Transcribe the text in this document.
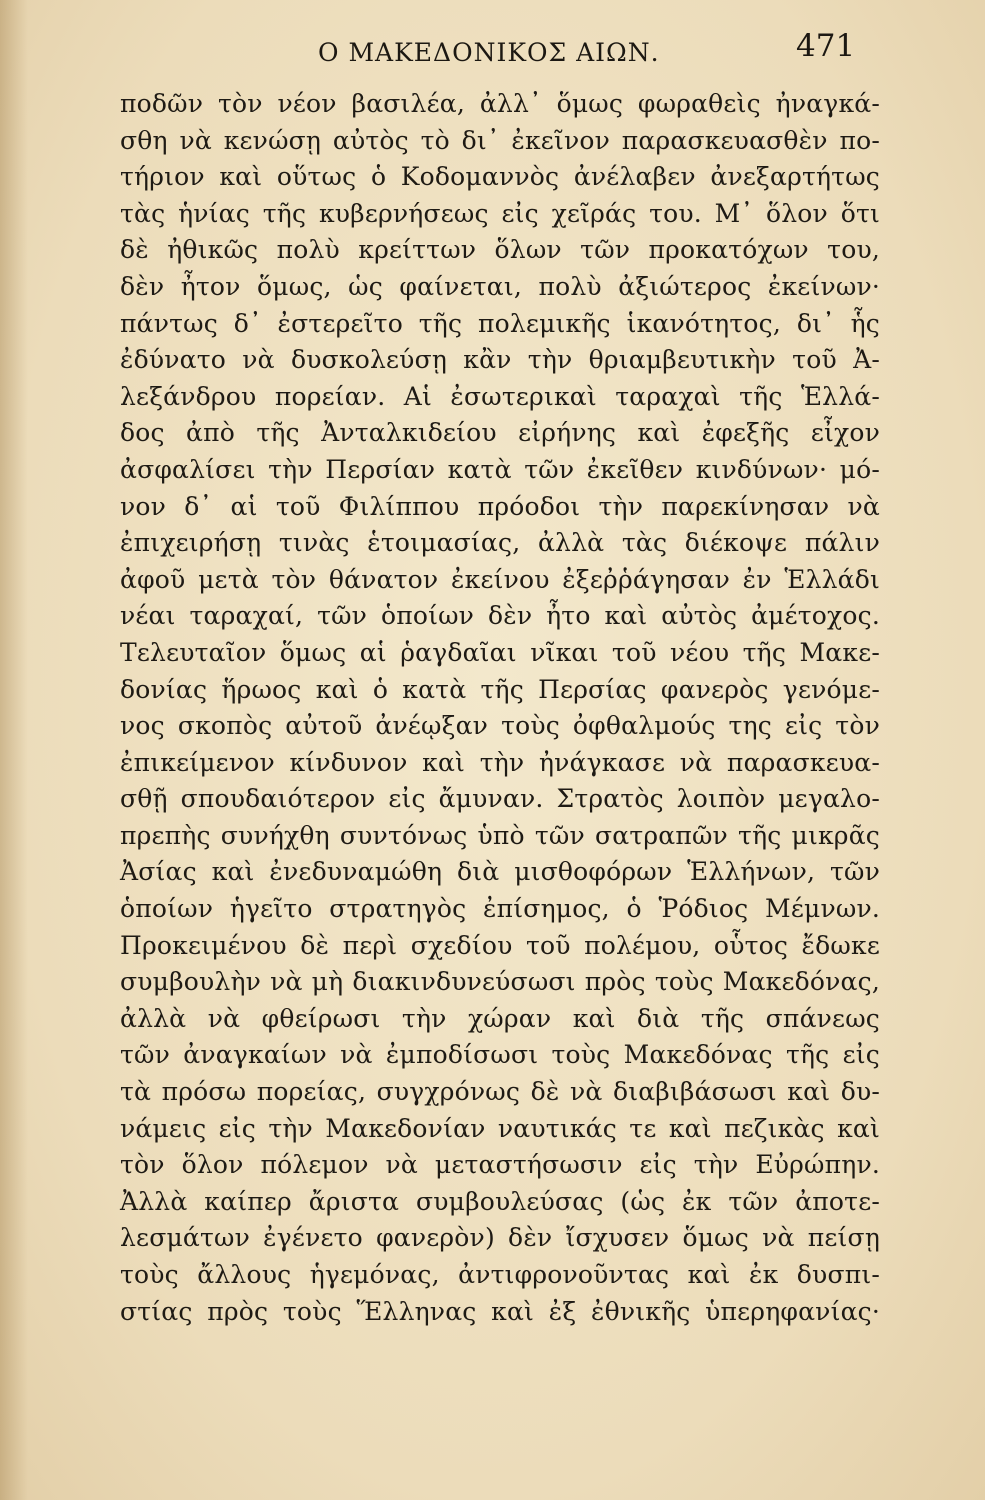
Ο ΜΑΚΕΔΟΝΙΚΟΣ ΑΙΩΝ.	471
ποδῶν τὸν νέον βασιλέα, ἀλλ᾽ ὅμως φωραθεὶς ἠναγκά-
σθη νὰ κενώσῃ αὐτὸς τὸ δι᾽ ἐκεῖνον παρασκευασθὲν πο-
τήριον καὶ οὕτως ὁ Κοδομαννὸς ἀνέλαβεν ἀνεξαρτήτως
τὰς ἡνίας τῆς κυβερνήσεως εἰς χεῖράς του. Μ᾽ ὅλον ὅτι
δὲ ἠθικῶς πολὺ κρείττων ὅλων τῶν προκατόχων του,
δὲν ἦτον ὅμως, ὡς φαίνεται, πολὺ ἀξιώτερος ἐκείνων·
πάντως δ᾽ ἐστερεῖτο τῆς πολεμικῆς ἱκανότητος, δι᾽ ἧς
ἐδύνατο νὰ δυσκολεύσῃ κἂν τὴν θριαμβευτικὴν τοῦ Ἀ-
λεξάνδρου πορείαν. Αἱ ἐσωτερικαὶ ταραχαὶ τῆς Ἑλλά-
δος ἀπὸ τῆς Ἀνταλκιδείου εἰρήνης καὶ ἐφεξῆς εἶχον
ἀσφαλίσει τὴν Περσίαν κατὰ τῶν ἐκεῖθεν κινδύνων· μό-
νον δ᾽ αἱ τοῦ Φιλίππου πρόοδοι τὴν παρεκίνησαν νὰ
ἐπιχειρήσῃ τινὰς ἑτοιμασίας, ἀλλὰ τὰς διέκοψε πάλιν
ἀφοῦ μετὰ τὸν θάνατον ἐκείνου ἐξεῤῥάγησαν ἐν Ἑλλάδι
νέαι ταραχαί, τῶν ὁποίων δὲν ἦτο καὶ αὐτὸς ἀμέτοχος.
Τελευταῖον ὅμως αἱ ῥαγδαῖαι νῖκαι τοῦ νέου τῆς Μακε-
δονίας ἥρωος καὶ ὁ κατὰ τῆς Περσίας φανερὸς γενόμε-
νος σκοπὸς αὐτοῦ ἀνέῳξαν τοὺς ὀφθαλμούς της εἰς τὸν
ἐπικείμενον κίνδυνον καὶ τὴν ἠνάγκασε νὰ παρασκευα-
σθῇ σπουδαιότερον εἰς ἄμυναν. Στρατὸς λοιπὸν μεγαλο-
πρεπὴς συνήχθη συντόνως ὑπὸ τῶν σατραπῶν τῆς μικρᾶς
Ἀσίας καὶ ἐνεδυναμώθη διὰ μισθοφόρων Ἑλλήνων, τῶν
ὁποίων ἡγεῖτο στρατηγὸς ἐπίσημος, ὁ Ῥόδιος Μέμνων.
Προκειμένου δὲ περὶ σχεδίου τοῦ πολέμου, οὗτος ἔδωκε
συμβουλὴν νὰ μὴ διακινδυνεύσωσι πρὸς τοὺς Μακεδόνας,
ἀλλὰ νὰ φθείρωσι τὴν χώραν καὶ διὰ τῆς σπάνεως
τῶν ἀναγκαίων νὰ ἐμποδίσωσι τοὺς Μακεδόνας τῆς εἰς
τὰ πρόσω πορείας, συγχρόνως δὲ νὰ διαβιβάσωσι καὶ δυ-
νάμεις εἰς τὴν Μακεδονίαν ναυτικάς τε καὶ πεζικὰς καὶ
τὸν ὅλον πόλεμον νὰ μεταστήσωσιν εἰς τὴν Εὐρώπην.
Ἀλλὰ καίπερ ἄριστα συμβουλεύσας (ὡς ἐκ τῶν ἀποτε-
λεσμάτων ἐγένετο φανερὸν) δὲν ἴσχυσεν ὅμως νὰ πείσῃ
τοὺς ἄλλους ἡγεμόνας, ἀντιφρονοῦντας καὶ ἐκ δυσπι-
στίας πρὸς τοὺς Ἕλληνας καὶ ἐξ ἐθνικῆς ὑπερηφανίας·
